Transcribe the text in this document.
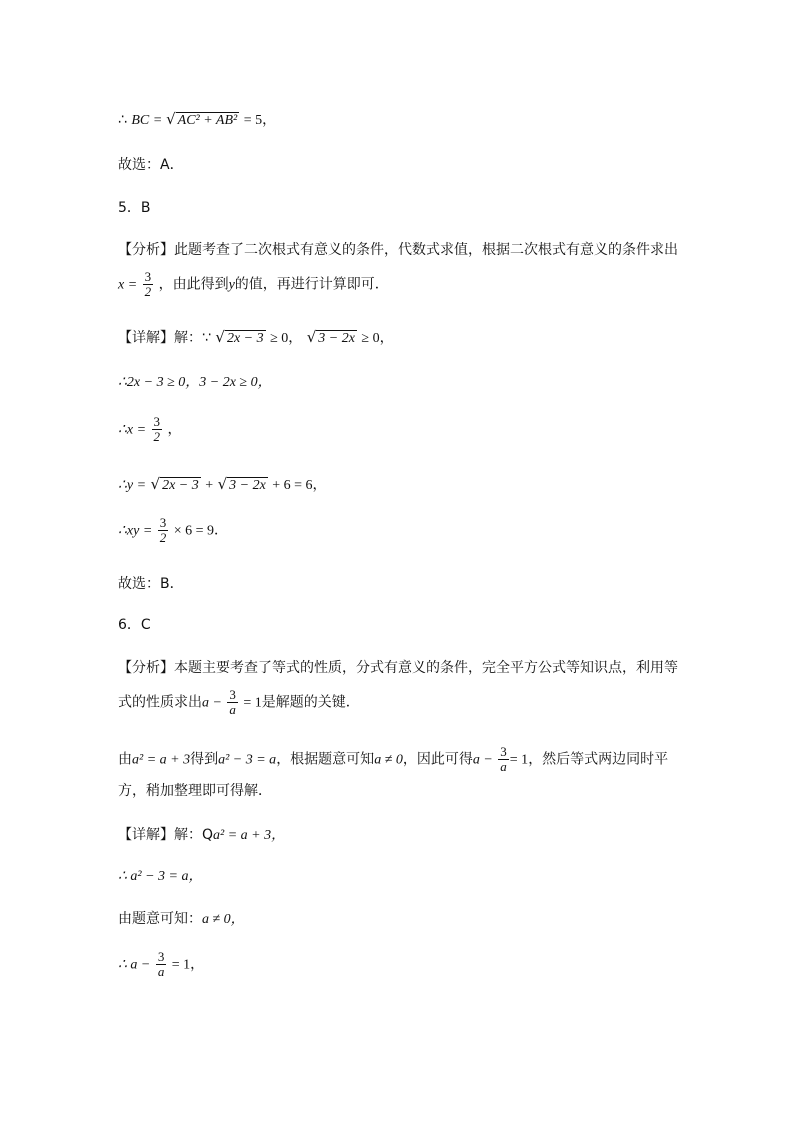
∴ BC = √ AC² + AB² = 5，
故选：A．
5．B
【分析】此题考查了二次根式有意义的条件，代数式求值，根据二次根式有意义的条件求出
$x = \frac{3}{2}$ ，由此得到y的值，再进行计算即可．
【详解】解：∵ √ 2x − 3 ≥ 0， √ 3 − 2x ≥ 0，
∴2x − 3 ≥ 0，3 − 2x ≥ 0，
∴x = $\frac{3}{2}$ ，
∴y = √ 2x − 3 + √ 3 − 2x + 6 = 6，
∴xy = $\frac{3}{2} \times 6 = 9$．
故选：B．
6．C
【分析】本题主要考查了等式的性质，分式有意义的条件，完全平方公式等知识点，利用等
式的性质求出$a - \frac{3}{a} = 1$是解题的关键．
由a² = a + 3得到a² − 3 = a，根据题意可知a ≠ 0，因此可得$a - \frac{3}{a} = 1$，然后等式两边同时平
方，稍加整理即可得解．
【详解】解：Qa² = a + 3，
∴ a² − 3 = a，
由题意可知：a ≠ 0，
∴ $a - \frac{3}{a} = 1$，
